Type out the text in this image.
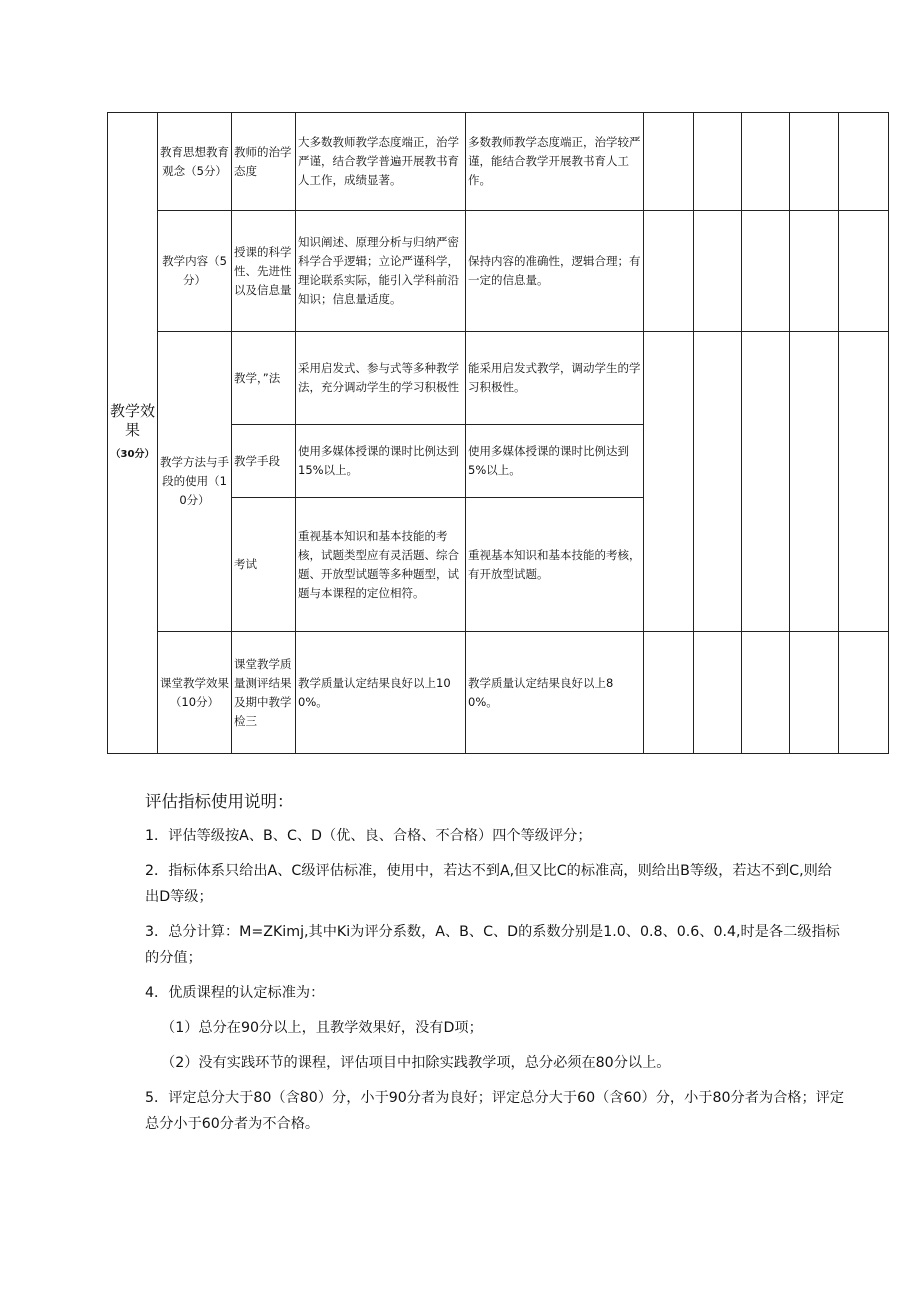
教学效果
（30分）	教育思想教育观念（5分）	教师的治学态度	大多数教师教学态度端正，治学严谨，结合教学普遍开展教书育人工作，成绩显著。	多数教师教学态度端正，治学较严谨，能结合教学开展教书育人工作。					
	教学内容（5分）	授课的科学性、先进性以及信息量	知识阐述、原理分析与归纳严密科学合乎逻辑；立论严谨科学，理论联系实际，能引入学科前沿知识；信息量适度。	保持内容的准确性，逻辑合理；有一定的信息量。					
	教学方法与手段的使用（10分）	教学，”法	采用启发式、参与式等多种教学法，充分调动学生的学习积极性	能采用启发式教学，调动学生的学习积极性。					
		教学手段	使用多媒体授课的课时比例达到15%以上。	使用多媒体授课的课时比例达到5%以上。					
		考试	重视基本知识和基本技能的考核，试题类型应有灵活题、综合题、开放型试题等多种题型，试题与本课程的定位相符。	重视基本知识和基本技能的考核，有开放型试题。					
	课堂教学效果（10分）	课堂教学质量测评结果及期中教学检三	教学质量认定结果良好以上100%。	教学质量认定结果良好以上80%。					
评估指标使用说明：

1．评估等级按A、B、C、D（优、良、合格、不合格）四个等级评分；

2．指标体系只给出A、C级评估标准，使用中，若达不到A,但又比C的标准高，则给出B等级，若达不到C,则给出D等级；

3．总分计算：M=ZKimj,其中Ki为评分系数，A、B、C、D的系数分别是1.0、0.8、0.6、0.4,时是各二级指标的分值；

4．优质课程的认定标准为：

（1）总分在90分以上，且教学效果好，没有D项；

（2）没有实践环节的课程，评估项目中扣除实践教学项，总分必须在80分以上。

5．评定总分大于80（含80）分，小于90分者为良好；评定总分大于60（含60）分，小于80分者为合格；评定总分小于60分者为不合格。
